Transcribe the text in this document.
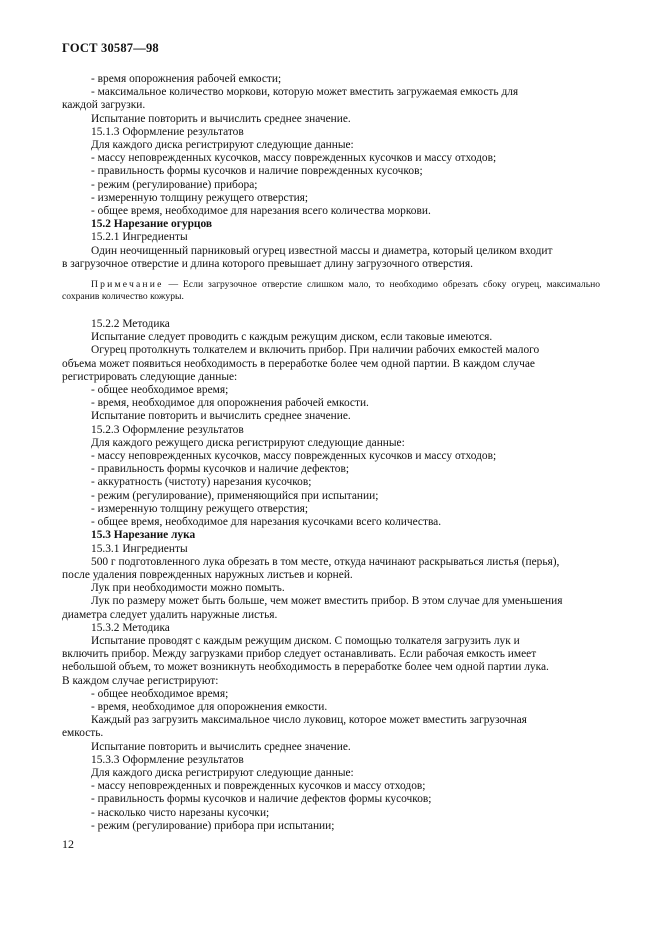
ГОСТ 30587—98

- время опорожнения рабочей емкости;

- максимальное количество моркови, которую может вместить загружаемая емкость для

каждой загрузки.

Испытание повторить и вычислить среднее значение.

15.1.3 Оформление результатов

Для каждого диска регистрируют следующие данные:

- массу неповрежденных кусочков, массу поврежденных кусочков и массу отходов;

- правильность формы кусочков и наличие поврежденных кусочков;

- режим (регулирование) прибора;

- измеренную толщину режущего отверстия;

- общее время, необходимое для нарезания всего количества моркови.

15.2 Нарезание огурцов

15.2.1 Ингредиенты

Один неочищенный парниковый огурец известной массы и диаметра, который целиком входит

в загрузочное отверстие и длина которого превышает длину загрузочного отверстия.

Примечание — Если загрузочное отверстие слишком мало, то необходимо обрезать сбоку огурец, максимально сохранив количество кожуры.

15.2.2 Методика

Испытание следует проводить с каждым режущим диском, если таковые имеются.

Огурец протолкнуть толкателем и включить прибор. При наличии рабочих емкостей малого

объема может появиться необходимость в переработке более чем одной партии. В каждом случае

регистрировать следующие данные:

- общее необходимое время;

- время, необходимое для опорожнения рабочей емкости.

Испытание повторить и вычислить среднее значение.

15.2.3 Оформление результатов

Для каждого режущего диска регистрируют следующие данные:

- массу неповрежденных кусочков, массу поврежденных кусочков и массу отходов;

- правильность формы кусочков и наличие дефектов;

- аккуратность (чистоту) нарезания кусочков;

- режим (регулирование), применяющийся при испытании;

- измеренную толщину режущего отверстия;

- общее время, необходимое для нарезания кусочками всего количества.

15.3 Нарезание лука

15.3.1 Ингредиенты

500 г подготовленного лука обрезать в том месте, откуда начинают раскрываться листья (перья),

после удаления поврежденных наружных листьев и корней.

Лук при необходимости можно помыть.

Лук по размеру может быть больше, чем может вместить прибор. В этом случае для уменьшения

диаметра следует удалить наружные листья.

15.3.2 Методика

Испытание проводят с каждым режущим диском. С помощью толкателя загрузить лук и

включить прибор. Между загрузками прибор следует останавливать. Если рабочая емкость имеет

небольшой объем, то может возникнуть необходимость в переработке более чем одной партии лука.

В каждом случае регистрируют:

- общее необходимое время;

- время, необходимое для опорожнения емкости.

Каждый раз загрузить максимальное число луковиц, которое может вместить загрузочная

емкость.

Испытание повторить и вычислить среднее значение.

15.3.3 Оформление результатов

Для каждого диска регистрируют следующие данные:

- массу неповрежденных и поврежденных кусочков и массу отходов;

- правильность формы кусочков и наличие дефектов формы кусочков;

- насколько чисто нарезаны кусочки;

- режим (регулирование) прибора при испытании;

12
